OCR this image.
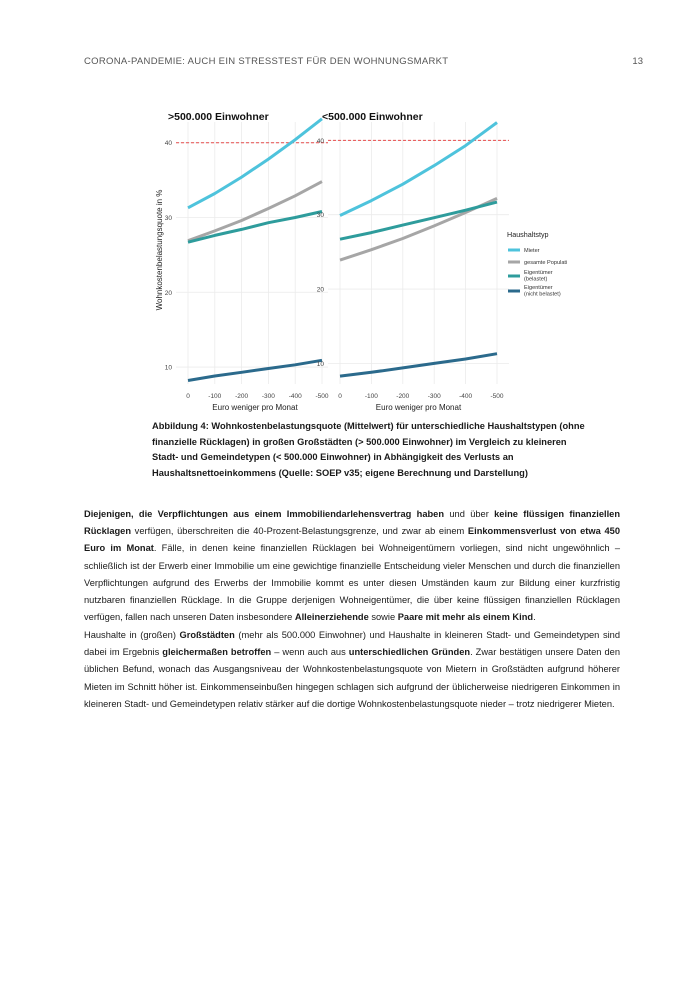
CORONA-PANDEMIE: AUCH EIN STRESSTEST FÜR DEN WOHNUNGSMARKT	13
Wohnkostenbelastungsquote in %
10
20
30
40
0	-100 -200 -300 -400 -500
>500.000 Einwohner
Euro weniger pro Monat
10
20
30
40
0	-100	-200	-300	-400	-500
<500.000 Einwohner
Euro weniger pro Monat
Haushaltstyp
Mieter
gesamte Populati
Eigentümer
(belastet)
Eigentümer
(nicht belastet)
Abbildung 4: Wohnkostenbelastungsquote (Mittelwert) für unterschiedliche Haushaltstypen (ohne finanzielle Rücklagen) in großen Großstädten (> 500.000 Einwohner) im Vergleich zu kleineren Stadt- und Gemeindetypen (< 500.000 Einwohner) in Abhängigkeit des Verlusts an Haushaltsnettoeinkommens (Quelle: SOEP v35; eigene Berechnung und Darstellung)
Diejenigen, die Verpflichtungen aus einem Immobiliendarlehensvertrag haben und über keine flüssigen finanziellen Rücklagen verfügen, überschreiten die 40-Prozent-Belastungsgrenze, und zwar ab einem Einkommensverlust von etwa 450 Euro im Monat. Fälle, in denen keine finanziellen Rücklagen bei Wohneigentümern vorliegen, sind nicht ungewöhnlich – schließlich ist der Erwerb einer Immobilie um eine gewichtige finanzielle Entscheidung vieler Menschen und durch die finanziellen Verpflichtungen aufgrund des Erwerbs der Immobilie kommt es unter diesen Umständen kaum zur Bildung einer kurzfristig nutzbaren finanziellen Rücklage. In die Gruppe derjenigen Wohneigentümer, die über keine flüssigen finanziellen Rücklagen verfügen, fallen nach unseren Daten insbesondere Alleinerziehende sowie Paare mit mehr als einem Kind.
Haushalte in (großen) Großstädten (mehr als 500.000 Einwohner) und Haushalte in kleineren Stadt- und Gemeindetypen sind dabei im Ergebnis gleichermaßen betroffen – wenn auch aus unterschiedlichen Gründen. Zwar bestätigen unsere Daten den üblichen Befund, wonach das Ausgangsniveau der Wohnkostenbelastungsquote von Mietern in Großstädten aufgrund höherer Mieten im Schnitt höher ist. Einkommenseinbußen hingegen schlagen sich aufgrund der üblicherweise niedrigeren Einkommen in kleineren Stadt- und Gemeindetypen relativ stärker auf die dortige Wohnkostenbelastungsquote nieder – trotz niedrigerer Mieten.
